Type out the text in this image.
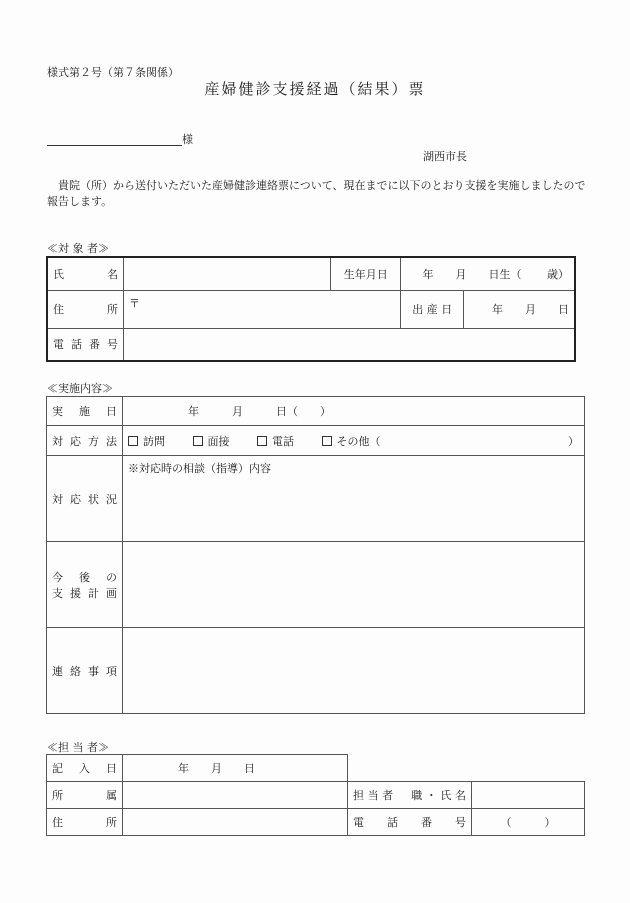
様式第２号（第７条関係）
産婦健診支援経過（結果）票
様
湖西市長
貴院（所）から送付いただいた産婦健診連絡票について、現在までに以下のとおり支援を実施しましたので報告します。
≪対 象 者≫
氏　　名		生年月日	年　　月　　日生（　　 歳）	
住　　所	〒		出 産 日	年　　月　　日
電話番号				
≪実施内容≫
実 施 日	年　　　月　　　日（　　）
対応方法	訪問 面接 電話 その他（ ）

対応状況	※対応時の相談（指導）内容

今　後　の
支援計画	

連絡事項	
≪担 当 者≫
記 入 日	年　　月　　日		
所　　属		担当者　職・氏名	
住　　所		電　話　番　号	（　　　）
